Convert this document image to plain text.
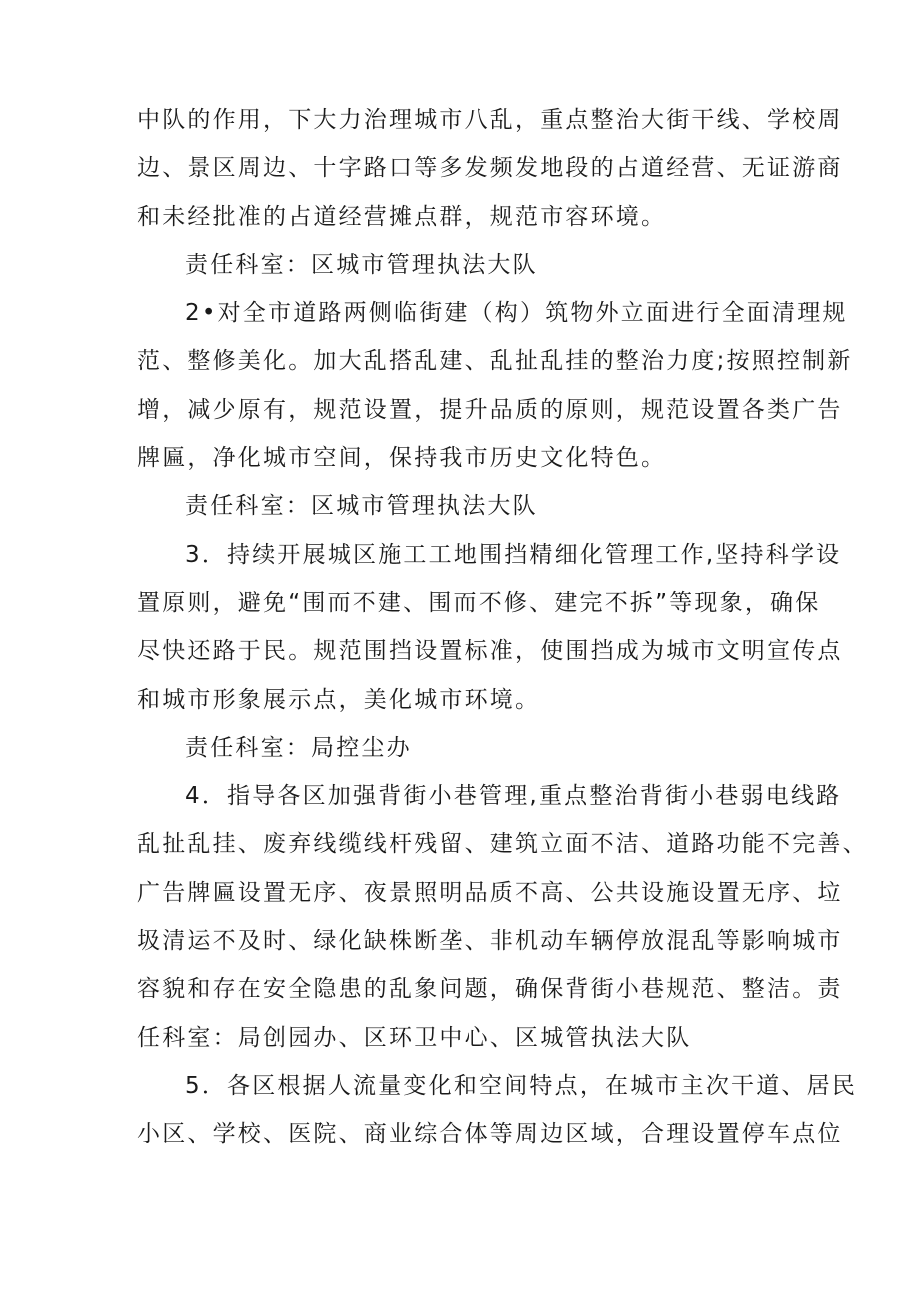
中队的作用，下大力治理城市八乱，重点整治大街干线、学校周
边、景区周边、十字路口等多发频发地段的占道经营、无证游商
和未经批准的占道经营摊点群，规范市容环境。
责任科室：区城市管理执法大队
2•对全市道路两侧临街建（构）筑物外立面进行全面清理规
范、整修美化。加大乱搭乱建、乱扯乱挂的整治力度;按照控制新
增，减少原有，规范设置，提升品质的原则，规范设置各类广告
牌匾，净化城市空间，保持我市历史文化特色。
责任科室：区城市管理执法大队
3．持续开展城区施工工地围挡精细化管理工作,坚持科学设
置原则，避免“围而不建、围而不修、建完不拆”等现象，确保
尽快还路于民。规范围挡设置标准，使围挡成为城市文明宣传点
和城市形象展示点，美化城市环境。
责任科室：局控尘办
4．指导各区加强背街小巷管理,重点整治背街小巷弱电线路
乱扯乱挂、废弃线缆线杆残留、建筑立面不洁、道路功能不完善、
广告牌匾设置无序、夜景照明品质不高、公共设施设置无序、垃
圾清运不及时、绿化缺株断垄、非机动车辆停放混乱等影响城市
容貌和存在安全隐患的乱象问题，确保背街小巷规范、整洁。责
任科室：局创园办、区环卫中心、区城管执法大队
5．各区根据人流量变化和空间特点，在城市主次干道、居民
小区、学校、医院、商业综合体等周边区域，合理设置停车点位
